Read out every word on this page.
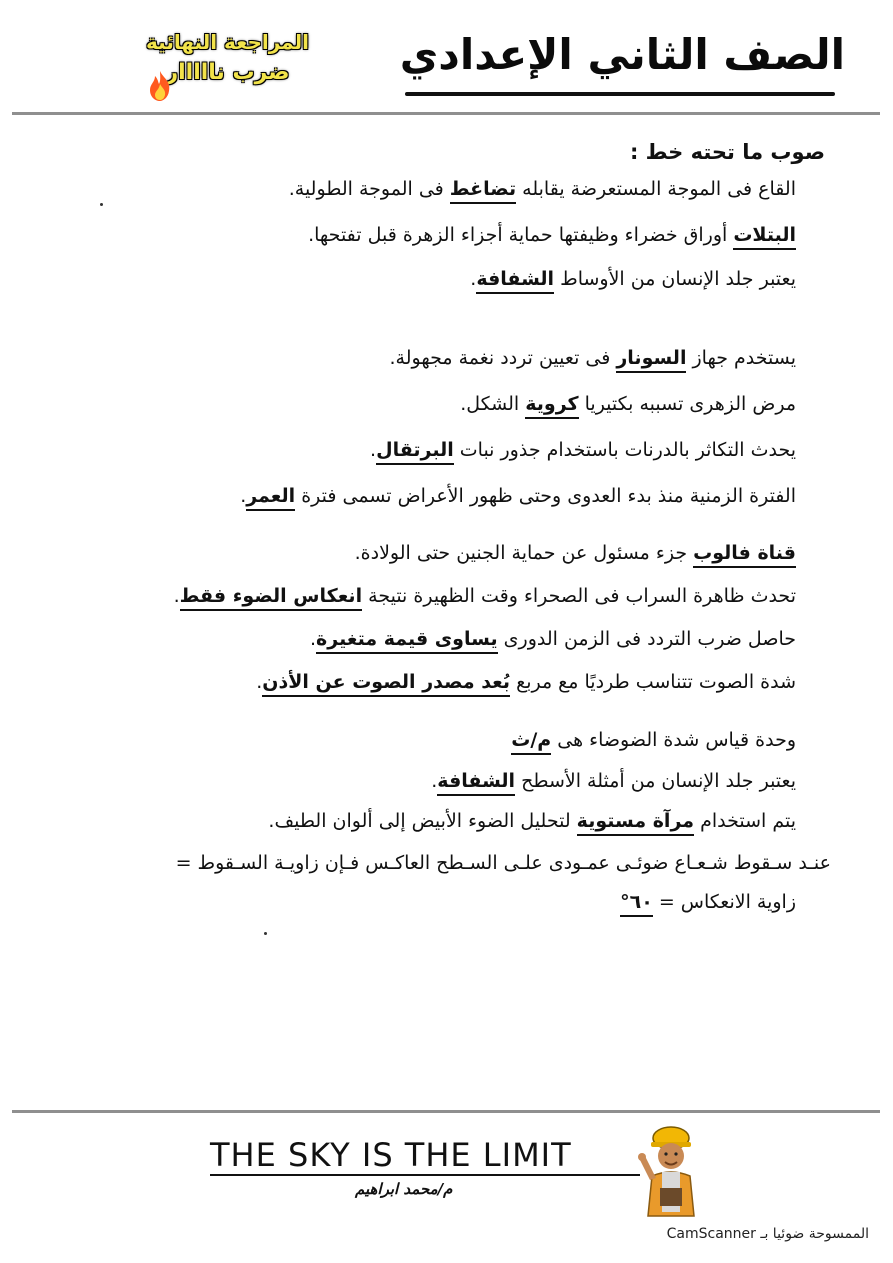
المراجعة النهائية
ضرب نااااار	الصف الثاني الإعدادي
صوب ما تحته خط :
القاع فى الموجة المستعرضة يقابله تضاغط فى الموجة الطولية.
البتلات أوراق خضراء وظيفتها حماية أجزاء الزهرة قبل تفتحها.
يعتبر جلد الإنسان من الأوساط الشفافة.
يستخدم جهاز السونار فى تعيين تردد نغمة مجهولة.
مرض الزهرى تسببه بكتيريا كروية الشكل.
يحدث التكاثر بالدرنات باستخدام جذور نبات البرتقال.
الفترة الزمنية منذ بدء العدوى وحتى ظهور الأعراض تسمى فترة العمر.
قناة فالوب جزء مسئول عن حماية الجنين حتى الولادة.
تحدث ظاهرة السراب فى الصحراء وقت الظهيرة نتيجة انعكاس الضوء فقط.
حاصل ضرب التردد فى الزمن الدورى يساوى قيمة متغيرة.
شدة الصوت تتناسب طرديًا مع مربع بُعد مصدر الصوت عن الأذن.
وحدة قياس شدة الضوضاء هى م/ث
يعتبر جلد الإنسان من أمثلة الأسطح الشفافة.
يتم استخدام مرآة مستوية لتحليل الضوء الأبيض إلى ألوان الطيف.
عنـد سـقوط شـعـاع ضوئـى عمـودى علـى السـطح العاكـس فـإن زاويـة السـقوط =
زاوية الانعكاس = ٦٠°
THE SKY IS THE LIMIT
م/محمد ابراهيم
الممسوحة ضوئيا بـ CamScanner
